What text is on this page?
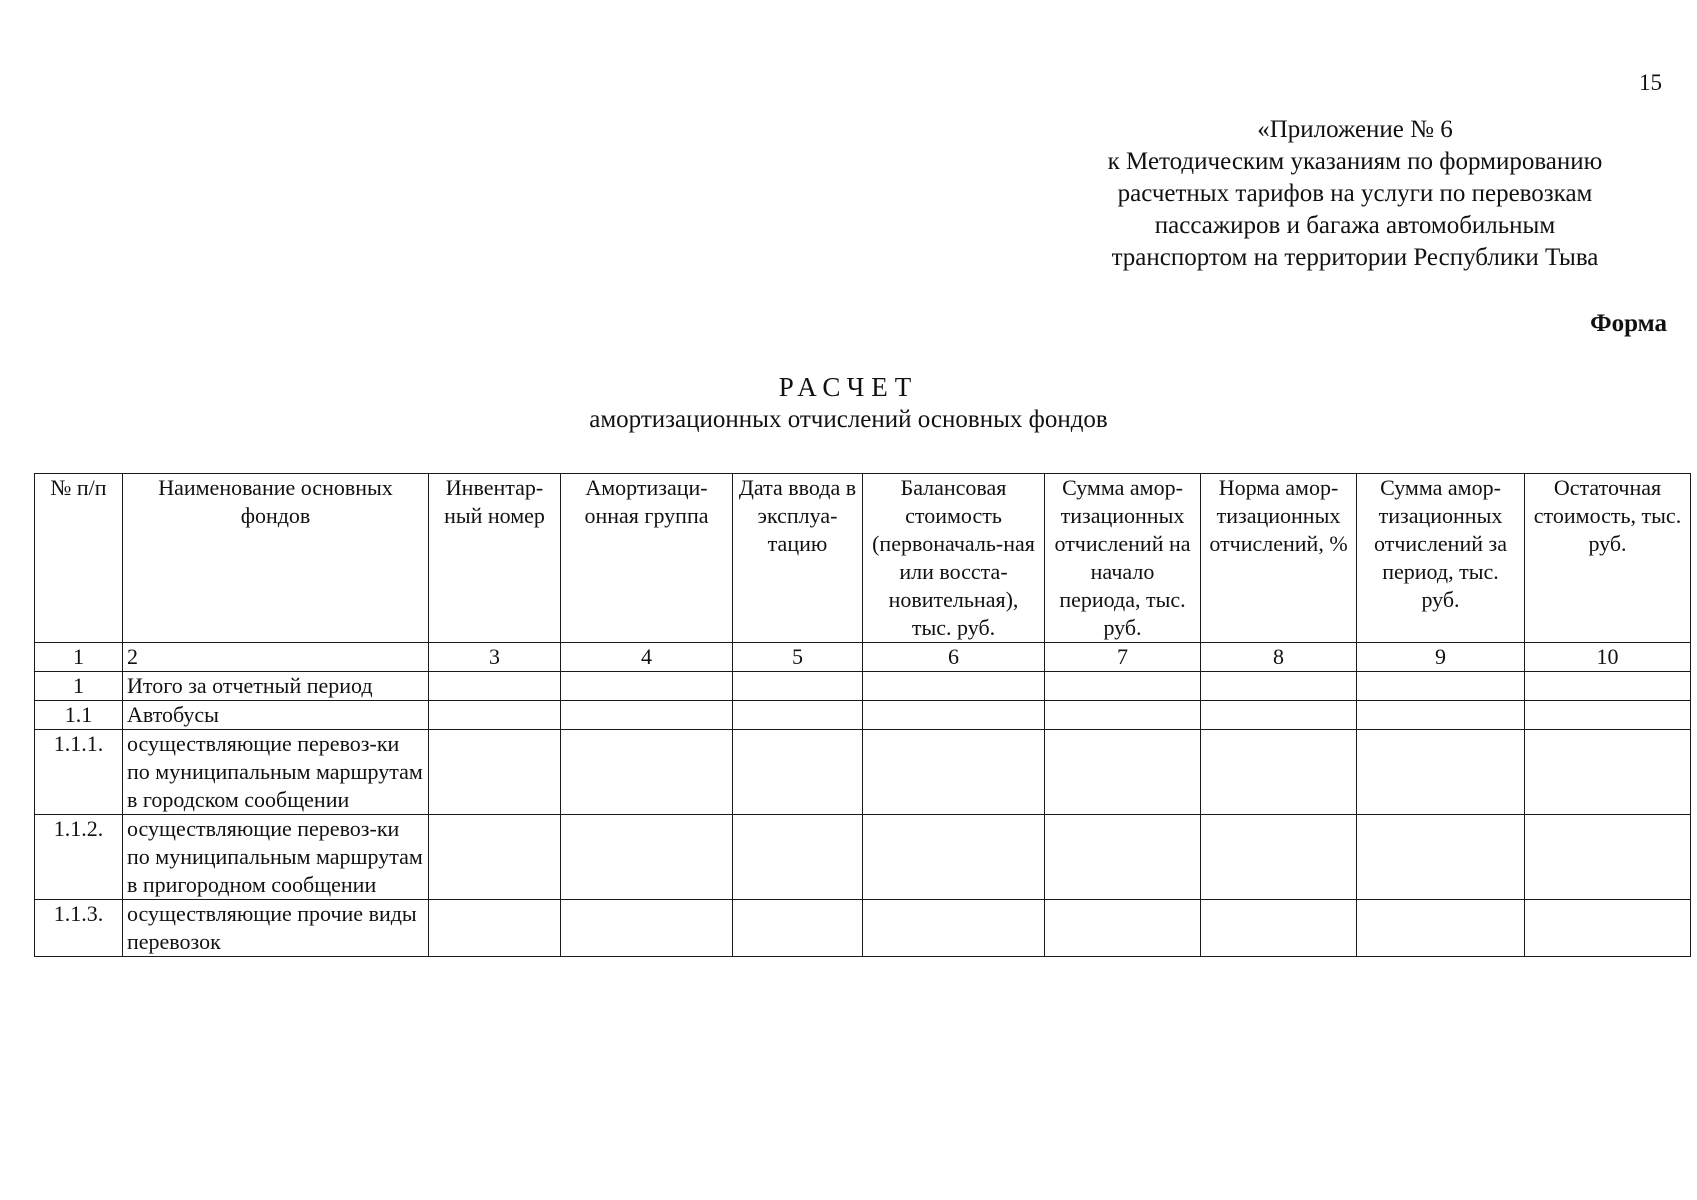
15
«Приложение № 6
к Методическим указаниям по формированию
расчетных тарифов на услуги по перевозкам
пассажиров и багажа автомобильным
транспортом на территории Республики Тыва
Форма
РАСЧЕТ
амортизационных отчислений основных фондов
№ п/п	Наименование основных фондов	Инвентар-ный номер	Амортизаци-онная группа	Дата ввода в эксплуа-тацию	Балансовая стоимость (первоначаль-ная или восста-новительная), тыс. руб.	Сумма амор-тизационных отчислений на начало периода, тыс. руб.	Норма амор-тизационных отчислений, %	Сумма амор-тизационных отчислений за период, тыс. руб.	Остаточная стоимость, тыс. руб.
1	2	3	4	5	6	7	8	9	10
1	Итого за отчетный период								
1.1	Автобусы								
1.1.1.	осуществляющие перевоз-ки по муниципальным маршрутам в городском сообщении								
1.1.2.	осуществляющие перевоз-ки по муниципальным маршрутам в пригородном сообщении								
1.1.3.	осуществляющие прочие виды перевозок								
